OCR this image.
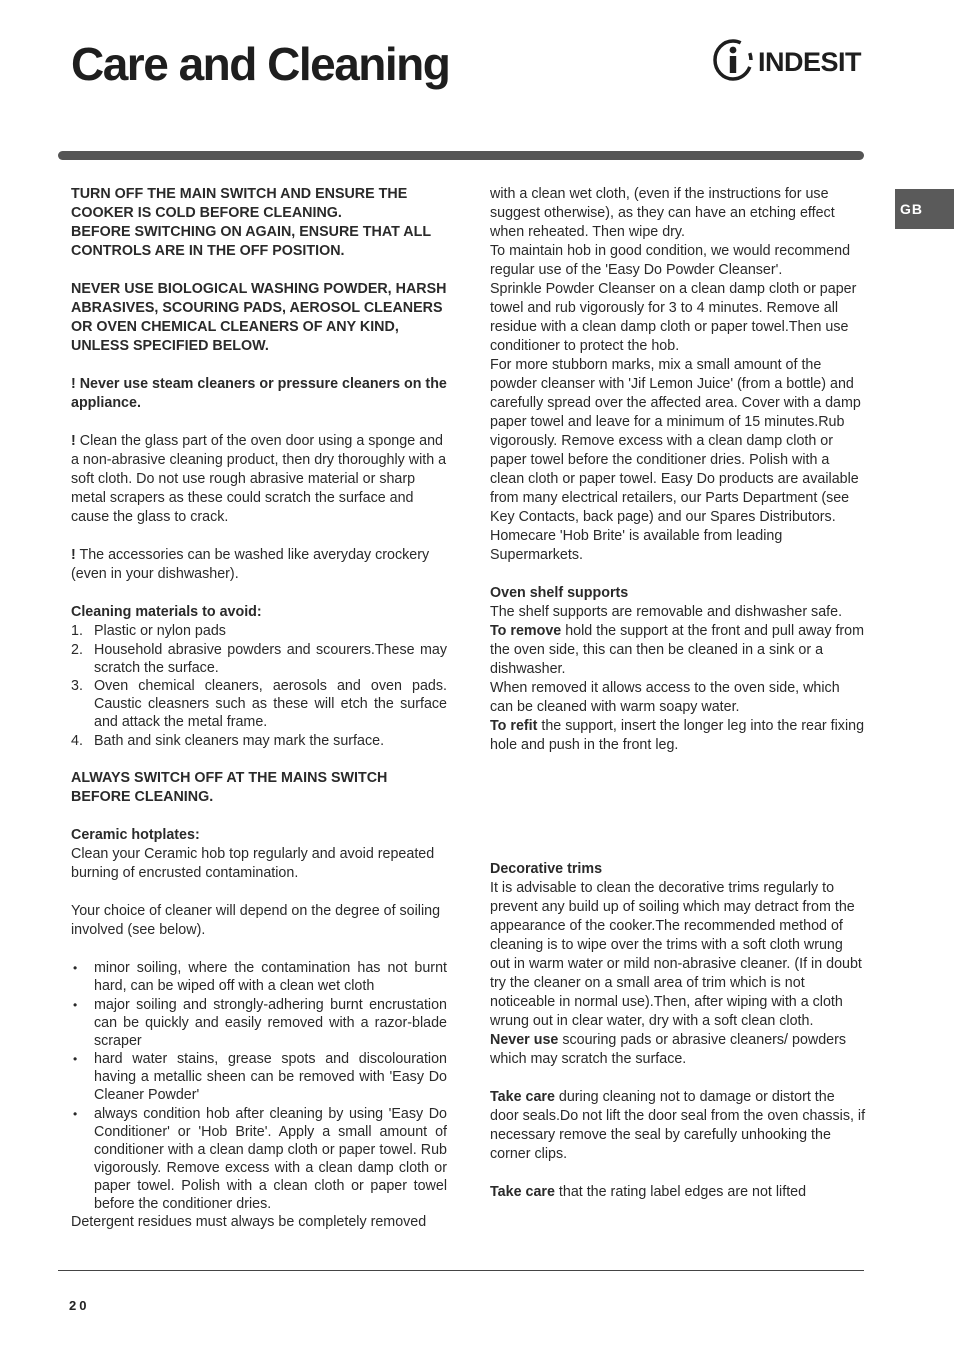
Care and Cleaning	INDESIT
GB

TURN OFF THE MAIN SWITCH AND ENSURE THE COOKER IS COLD BEFORE CLEANING.

BEFORE SWITCHING ON AGAIN, ENSURE THAT ALL CONTROLS ARE IN THE OFF POSITION.

NEVER USE BIOLOGICAL WASHING POWDER, HARSH ABRASIVES, SCOURING PADS, AEROSOL CLEANERS OR OVEN CHEMICAL CLEANERS OF ANY KIND, UNLESS SPECIFIED BELOW.

! Never use steam cleaners or pressure cleaners on the appliance.

! Clean the glass part of the oven door using a sponge and a non-abrasive cleaning product, then dry thoroughly with a soft cloth. Do not use rough abrasive material or sharp metal scrapers as these could scratch the surface and cause the glass to crack.

! The accessories can be washed like averyday crockery (even in your dishwasher).

Cleaning materials to avoid:

1. Plastic or nylon pads
2. Household abrasive powders and scourers.These may scratch the surface.
3. Oven chemical cleaners, aerosols and oven pads. Caustic cleasners such as these will etch the surface and attack the metal frame.
4. Bath and sink cleaners may mark the surface.

ALWAYS SWITCH OFF AT THE MAINS SWITCH BEFORE CLEANING.

Ceramic hotplates:

Clean your Ceramic hob top regularly and avoid repeated burning of encrusted contamination.

Your choice of cleaner will depend on the degree of soiling involved (see below).

• minor soiling, where the contamination has not burnt hard, can be wiped off with a clean wet cloth
• major soiling and strongly-adhering burnt encrustation can be quickly and easily removed with a razor-blade scraper
• hard water stains, grease spots and discolouration having a metallic sheen can be removed with 'Easy Do Cleaner Powder'
• always condition hob after cleaning by using 'Easy Do Conditioner' or 'Hob Brite'. Apply a small amount of conditioner with a clean damp cloth or paper towel. Rub vigorously. Remove excess with a clean damp cloth or paper towel. Polish with a clean cloth or paper towel before the conditioner dries.

Detergent residues must always be completely removed

with a clean wet cloth, (even if the instructions for use suggest otherwise), as they can have an etching effect when reheated. Then wipe dry.

To maintain hob in good condition, we would recommend regular use of the 'Easy Do Powder Cleanser'.

Sprinkle Powder Cleanser on a clean damp cloth or paper towel and rub vigorously for 3 to 4 minutes. Remove all residue with a clean damp cloth or paper towel.Then use conditioner to protect the hob.

For more stubborn marks, mix a small amount of the powder cleanser with 'Jif Lemon Juice' (from a bottle) and carefully spread over the affected area. Cover with a damp paper towel and leave for a minimum of 15 minutes.Rub vigorously. Remove excess with a clean damp cloth or paper towel before the conditioner dries. Polish with a clean cloth or paper towel. Easy Do products are available from many electrical retailers, our Parts Department (see Key Contacts, back page) and our Spares Distributors. Homecare 'Hob Brite' is available from leading Supermarkets.

Oven shelf supports

The shelf supports are removable and dishwasher safe.

To remove hold the support at the front and pull away from the oven side, this can then be cleaned in a sink or a dishwasher.

When removed it allows access to the oven side, which can be cleaned with warm soapy water.

To refit the support, insert the longer leg into the rear fixing hole and push in the front leg.

Decorative trims

It is advisable to clean the decorative trims regularly to prevent any build up of soiling which may detract from the appearance of the cooker.The recommended method of cleaning is to wipe over the trims with a soft cloth wrung out in warm water or mild non-abrasive cleaner. (If in doubt try the cleaner on a small area of trim which is not noticeable in normal use).Then, after wiping with a cloth wrung out in clear water, dry with a soft clean cloth.

Never use scouring pads or abrasive cleaners/ powders which may scratch the surface.

Take care during cleaning not to damage or distort the door seals.Do not lift the door seal from the oven chassis, if necessary remove the seal by carefully unhooking the corner clips.

Take care that the rating label edges are not lifted

20
